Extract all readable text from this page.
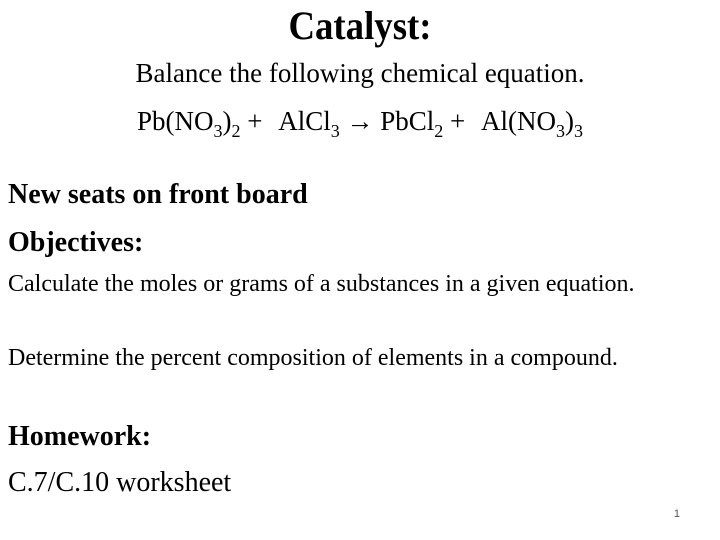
Catalyst:
Balance the following chemical equation.
$Pb(NO_3)_2$ + AlCl$_3$ → PbCl$_2$ + $Al(NO_3)_3$
New seats on front board
Objectives:
Calculate the moles or grams of a substances in a given equation.
Determine the percent composition of elements in a compound.
Homework:
C.7/C.10 worksheet
1
